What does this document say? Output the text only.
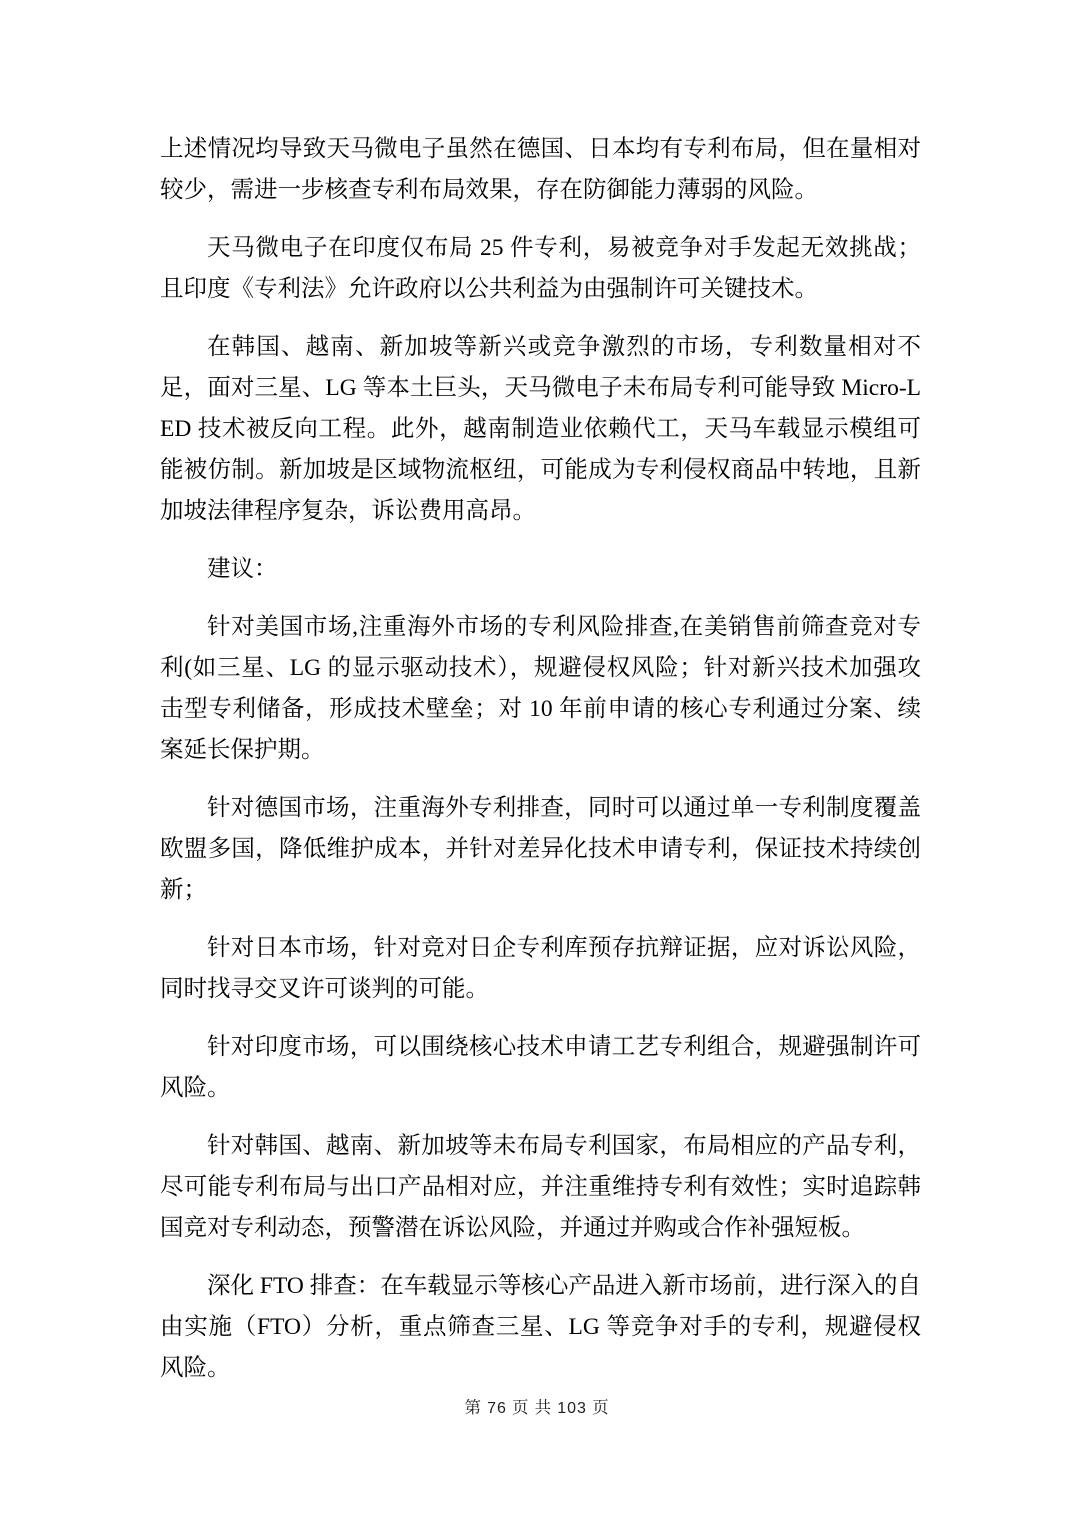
上述情况均导致天马微电子虽然在德国、日本均有专利布局，但在量相对较少，需进一步核查专利布局效果，存在防御能力薄弱的风险。

天马微电子在印度仅布局 25 件专利，易被竞争对手发起无效挑战；且印度《专利法》允许政府以公共利益为由强制许可关键技术。

在韩国、越南、新加坡等新兴或竞争激烈的市场，专利数量相对不足，面对三星、LG 等本土巨头，天马微电子未布局专利可能导致 Micro-LED 技术被反向工程。此外，越南制造业依赖代工，天马车载显示模组可能被仿制。新加坡是区域物流枢纽，可能成为专利侵权商品中转地，且新加坡法律程序复杂，诉讼费用高昂。

建议：

针对美国市场,注重海外市场的专利风险排查,在美销售前筛查竞对专利(如三星、LG 的显示驱动技术），规避侵权风险；针对新兴技术加强攻击型专利储备，形成技术壁垒；对 10 年前申请的核心专利通过分案、续案延长保护期。

针对德国市场，注重海外专利排查，同时可以通过单一专利制度覆盖欧盟多国，降低维护成本，并针对差异化技术申请专利，保证技术持续创新；

针对日本市场，针对竞对日企专利库预存抗辩证据，应对诉讼风险，同时找寻交叉许可谈判的可能。

针对印度市场，可以围绕核心技术申请工艺专利组合，规避强制许可风险。

针对韩国、越南、新加坡等未布局专利国家，布局相应的产品专利，尽可能专利布局与出口产品相对应，并注重维持专利有效性；实时追踪韩国竞对专利动态，预警潜在诉讼风险，并通过并购或合作补强短板。

深化 FTO 排查：在车载显示等核心产品进入新市场前，进行深入的自由实施（FTO）分析，重点筛查三星、LG 等竞争对手的专利，规避侵权风险。

第 76 页 共 103 页
